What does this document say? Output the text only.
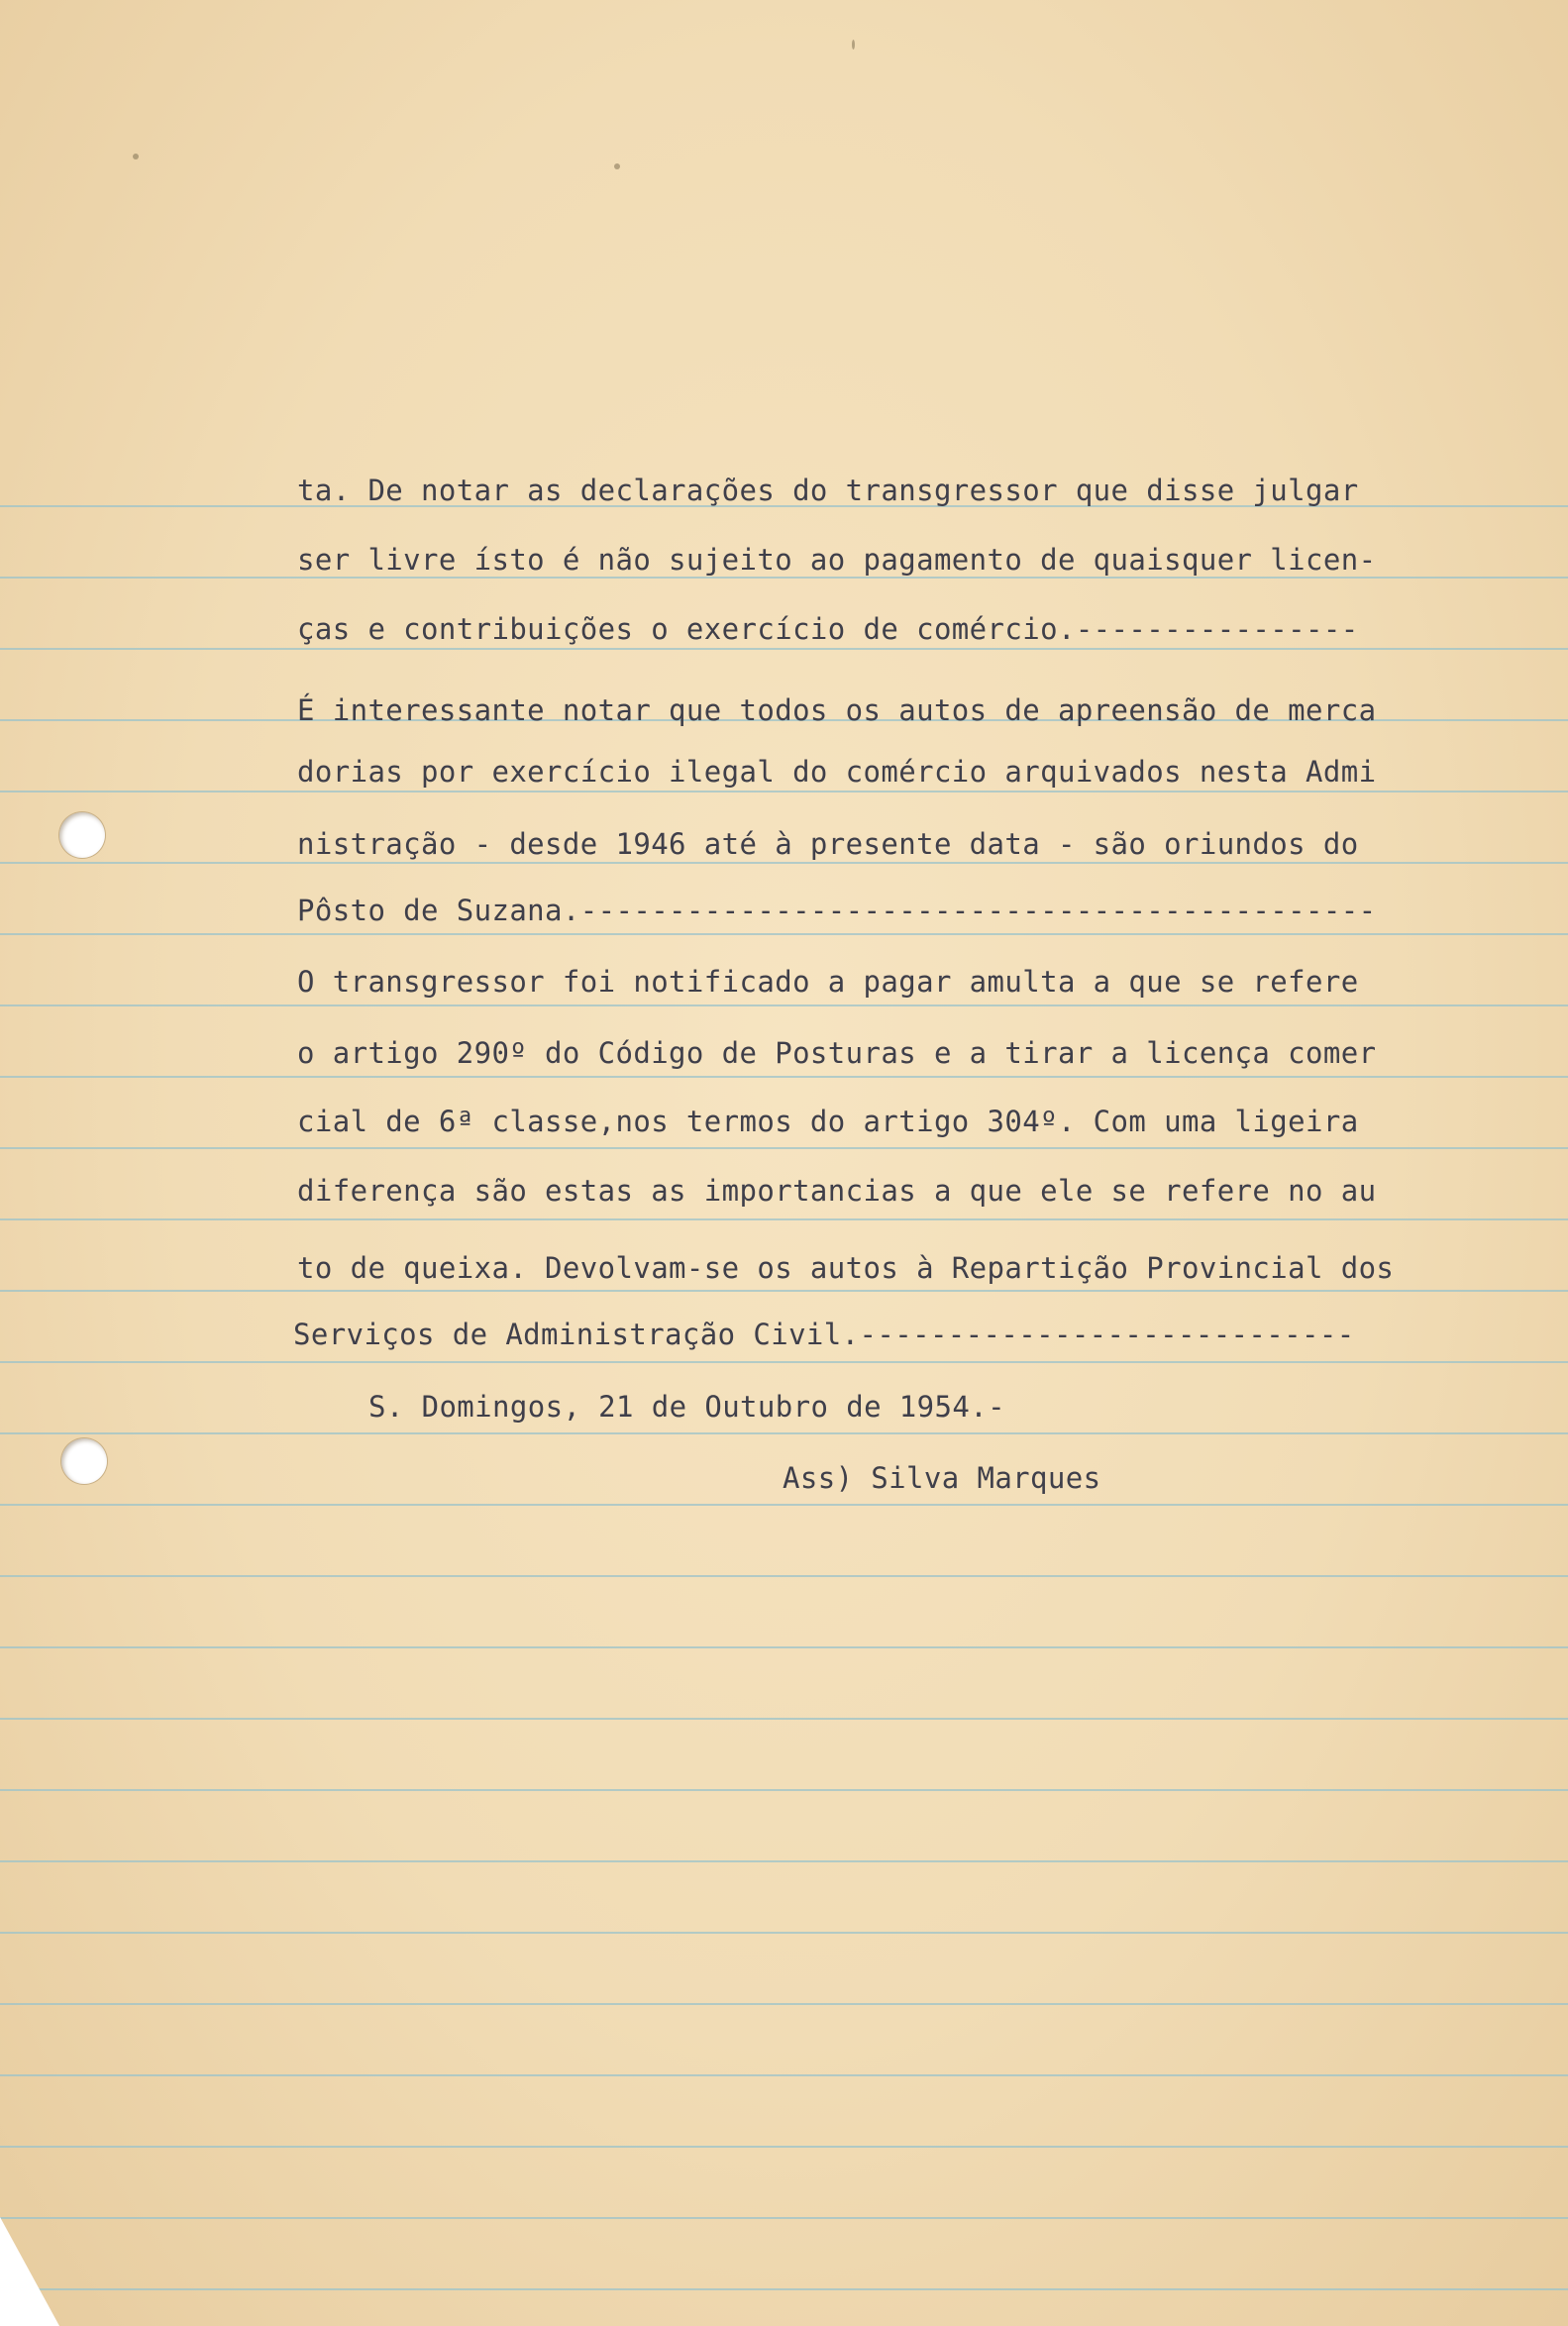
ta. De notar as declarações do transgressor que disse julgar
ser livre ísto é não sujeito ao pagamento de quaisquer licen-
ças e contribuições o exercício de comércio.----------------
É interessante notar que todos os autos de apreensão de merca
dorias por exercício ilegal do comércio arquivados nesta Admi
nistração - desde 1946 até à presente data - são oriundos do
Pôsto de Suzana.---------------------------------------------
O transgressor foi notificado a pagar amulta a que se refere
o artigo 290º do Código de Posturas e a tirar a licença comer
cial de 6ª classe,nos termos do artigo 304º. Com uma ligeira
diferença são estas as importancias a que ele se refere no au
to de queixa. Devolvam-se os autos à Repartição Provincial dos
Serviços de Administração Civil.----------------------------
S. Domingos, 21 de Outubro de 1954.-
Ass) Silva Marques
